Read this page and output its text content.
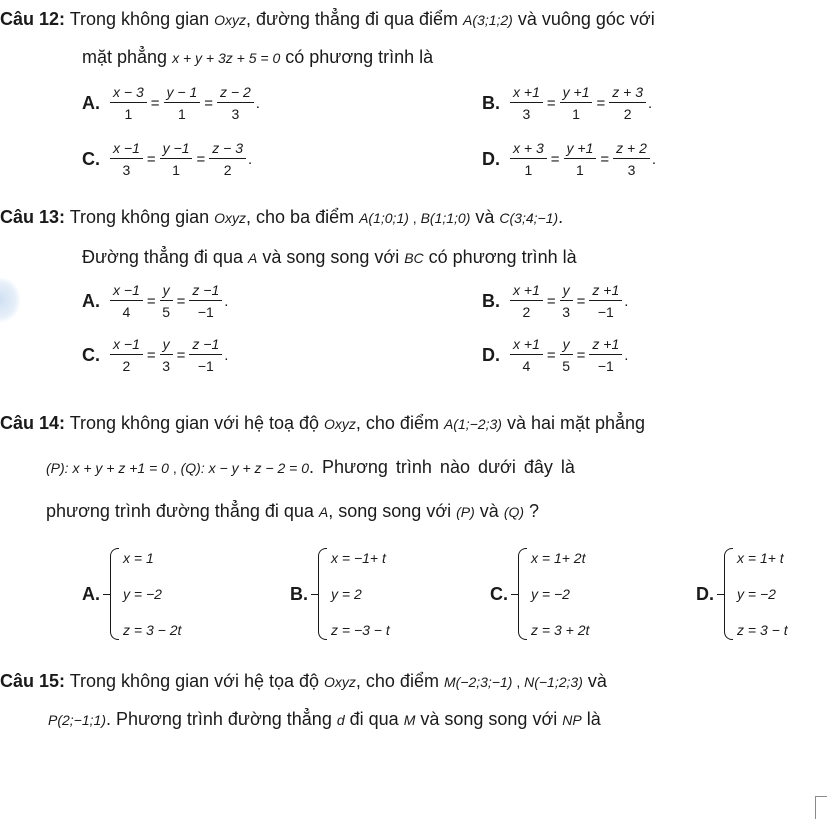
Câu 12: Trong không gian Oxyz, đường thẳng đi qua điểm A(3;1;2) và vuông góc với
mặt phẳng x + y + 3z + 5 = 0 có phương trình là
A. $\frac{x - 3}{1} = \frac{y - 1}{1} = \frac{z - 2}{3}$ .	B. $\frac{x +1}{3} = \frac{y +1}{1} = \frac{z + 3}{2}$ .
C. $\frac{x -1}{3} = \frac{y -1}{1} = \frac{z - 3}{2}$ .	D. $\frac{x + 3}{1} = \frac{y +1}{1} = \frac{z + 2}{3}$ .
Câu 13: Trong không gian Oxyz, cho ba điểm A(1;0;1) , B(1;1;0) và C(3;4;−1).
Đường thẳng đi qua A và song song với BC có phương trình là
A. $\frac{x -1}{4} = \frac{y}{5} = \frac{z -1}{-1}$ .	B. $\frac{x +1}{2} = \frac{y}{3} = \frac{z +1}{-1}$ .
C. $\frac{x -1}{2} = \frac{y}{3} = \frac{z -1}{-1}$ .	D. $\frac{x +1}{4} = \frac{y}{5} = \frac{z +1}{-1}$ .
Câu 14: Trong không gian với hệ toạ độ Oxyz, cho điểm A(1;−2;3) và hai mặt phẳng
(P): x + y + z +1 = 0 , (Q): x − y + z − 2 = 0. Phương trình nào dưới đây là
phương trình đường thẳng đi qua A, song song với (P) và (Q) ?
A.
x = 1
y = −2
z = 3 − 2t
B.
x = −1+ t
y = 2
z = −3 − t
C.
x = 1+ 2t
y = −2
z = 3 + 2t
D.
x = 1+ t
y = −2
z = 3 − t
Câu 15: Trong không gian với hệ tọa độ Oxyz, cho điểm M(−2;3;−1) , N(−1;2;3) và
P(2;−1;1). Phương trình đường thẳng d đi qua M và song song với NP là
